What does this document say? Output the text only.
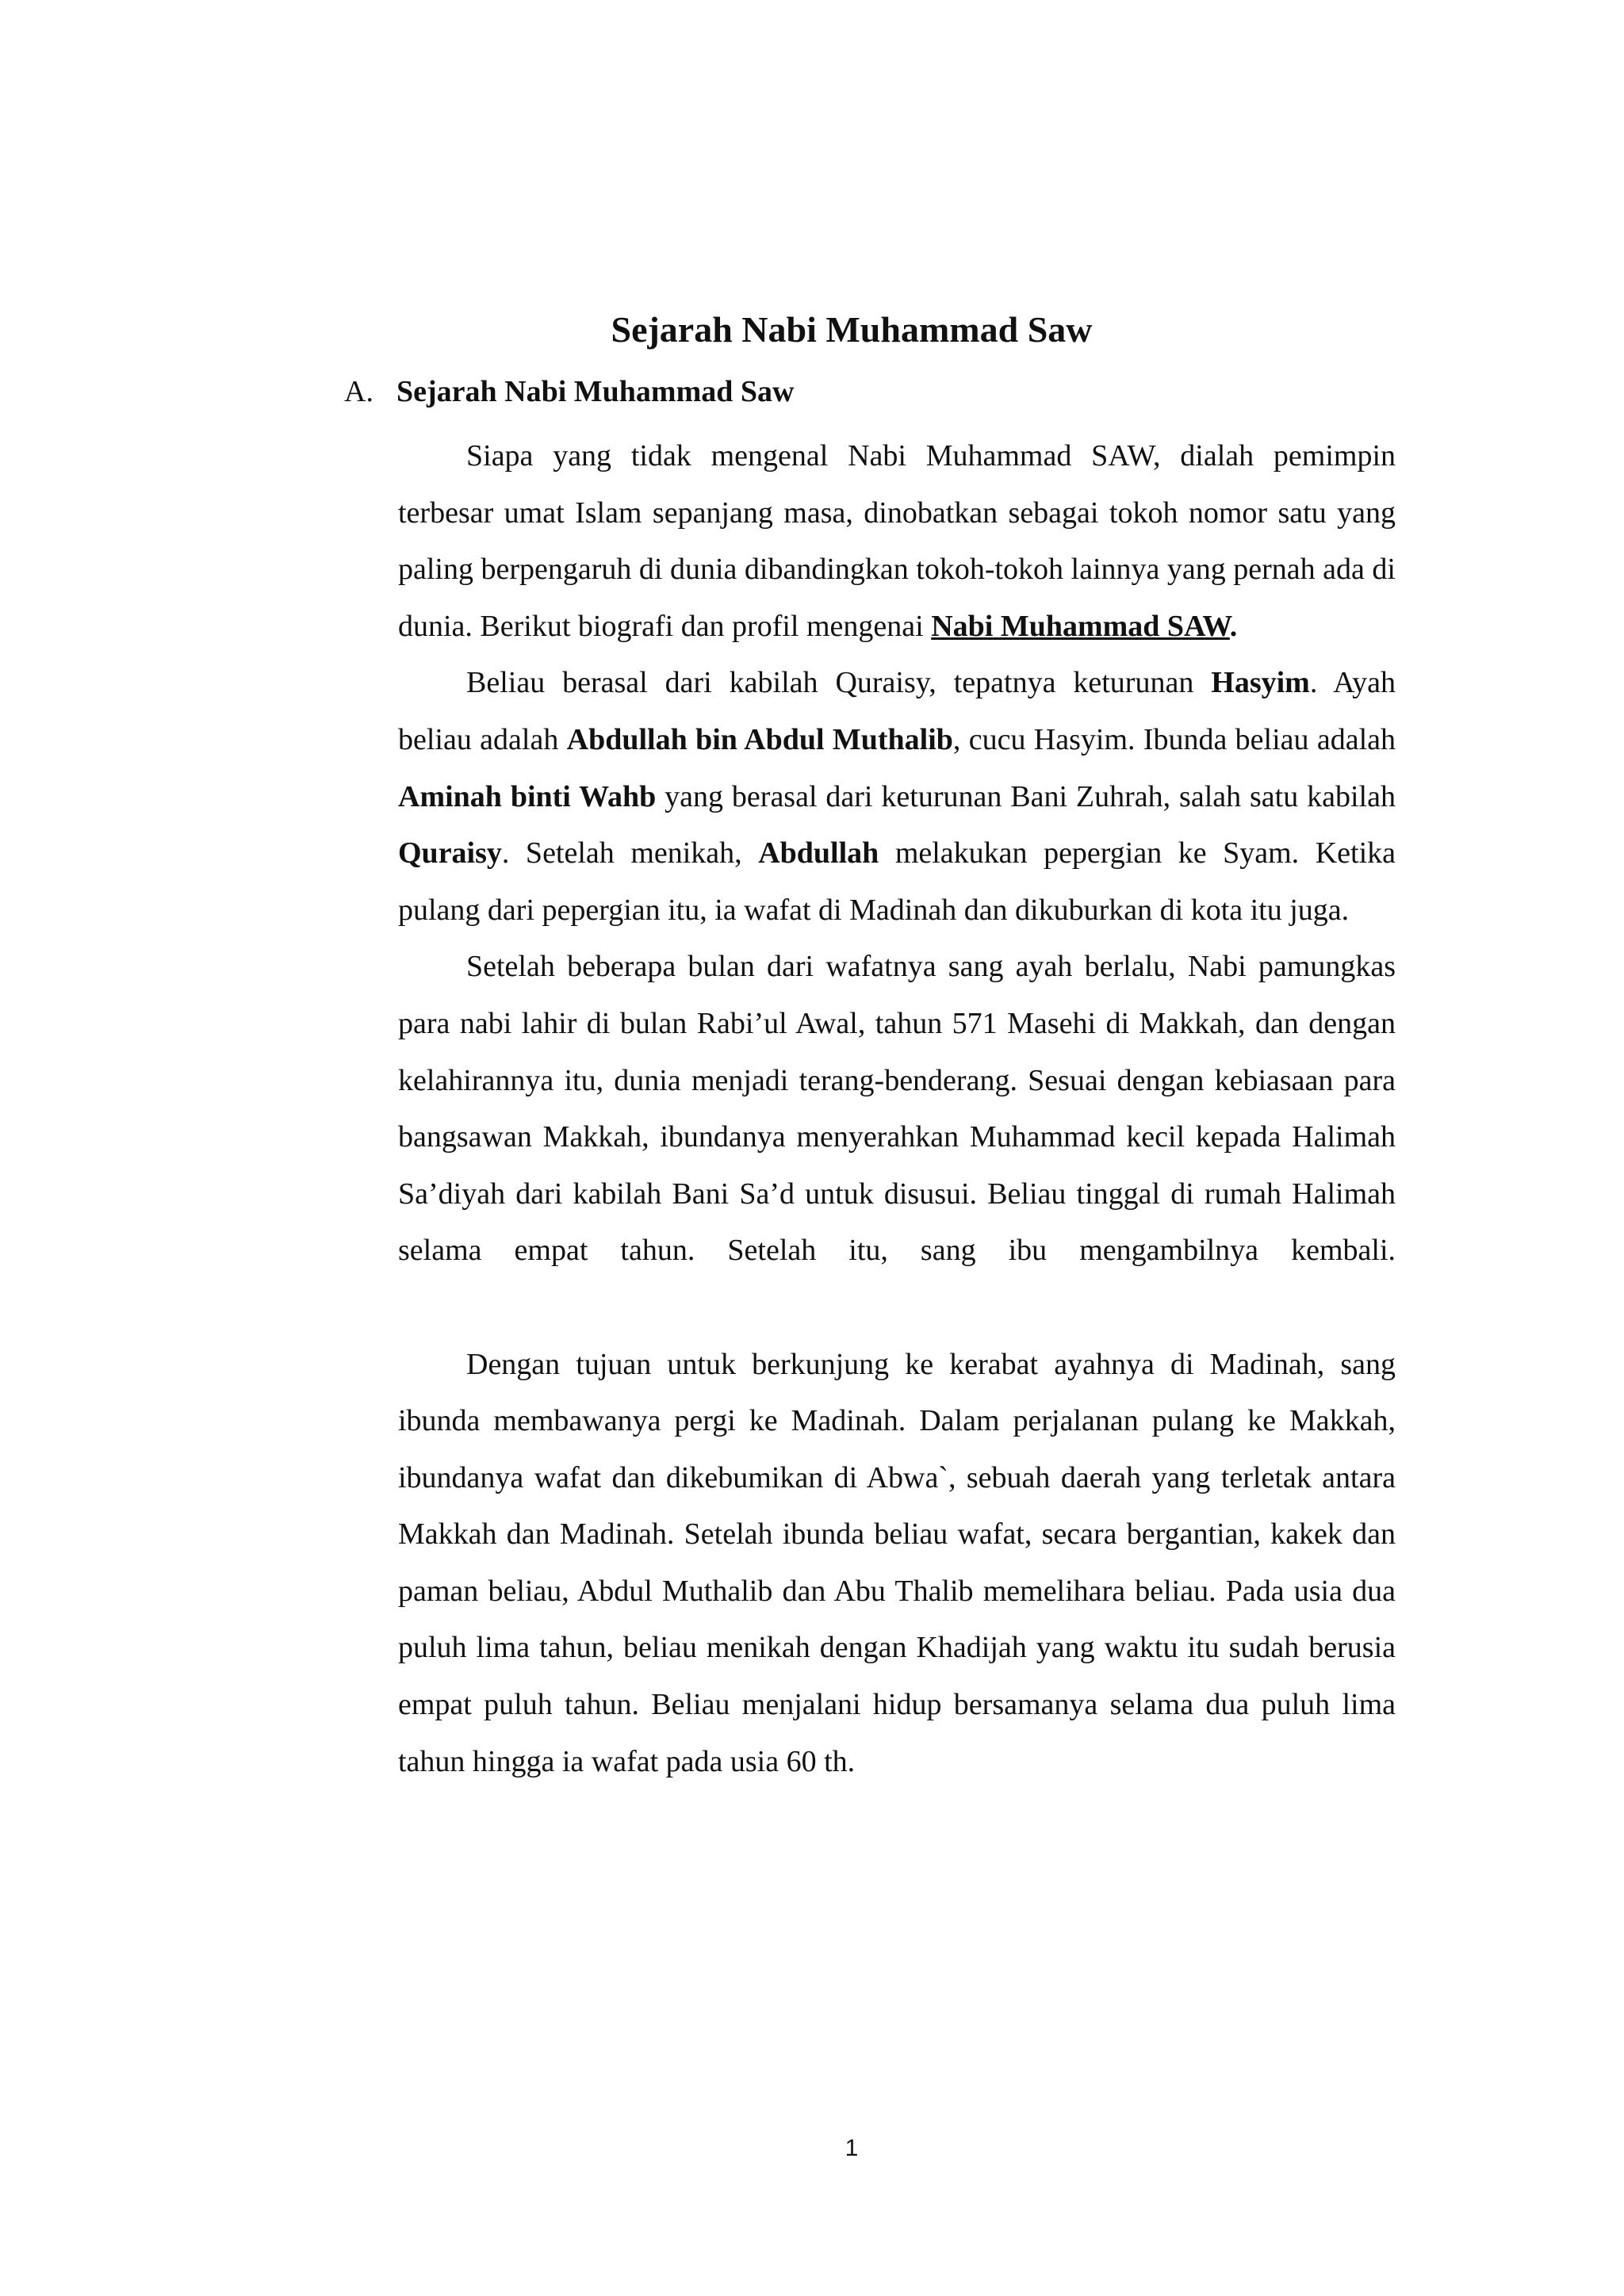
Sejarah Nabi Muhammad Saw
A. Sejarah Nabi Muhammad Saw

Siapa yang tidak mengenal Nabi Muhammad SAW, dialah pemimpin terbesar umat Islam sepanjang masa, dinobatkan sebagai tokoh nomor satu yang paling berpengaruh di dunia dibandingkan tokoh-tokoh lainnya yang pernah ada di dunia. Berikut biografi dan profil mengenai Nabi Muhammad SAW.

Beliau berasal dari kabilah Quraisy, tepatnya keturunan Hasyim. Ayah beliau adalah Abdullah bin Abdul Muthalib, cucu Hasyim. Ibunda beliau adalah Aminah binti Wahb yang berasal dari keturunan Bani Zuhrah, salah satu kabilah Quraisy. Setelah menikah, Abdullah melakukan pepergian ke Syam. Ketika pulang dari pepergian itu, ia wafat di Madinah dan dikuburkan di kota itu juga.

Setelah beberapa bulan dari wafatnya sang ayah berlalu, Nabi pamungkas para nabi lahir di bulan Rabi’ul Awal, tahun 571 Masehi di Makkah, dan dengan kelahirannya itu, dunia menjadi terang-benderang. Sesuai dengan kebiasaan para bangsawan Makkah, ibundanya menyerahkan Muhammad kecil kepada Halimah Sa’diyah dari kabilah Bani Sa’d untuk disusui. Beliau tinggal di rumah Halimah selama empat tahun. Setelah itu, sang ibu mengambilnya kembali.

Dengan tujuan untuk berkunjung ke kerabat ayahnya di Madinah, sang ibunda membawanya pergi ke Madinah. Dalam perjalanan pulang ke Makkah, ibundanya wafat dan dikebumikan di Abwa`, sebuah daerah yang terletak antara Makkah dan Madinah. Setelah ibunda beliau wafat, secara bergantian, kakek dan paman beliau, Abdul Muthalib dan Abu Thalib memelihara beliau. Pada usia dua puluh lima tahun, beliau menikah dengan Khadijah yang waktu itu sudah berusia empat puluh tahun. Beliau menjalani hidup bersamanya selama dua puluh lima tahun hingga ia wafat pada usia 60 th.

1
